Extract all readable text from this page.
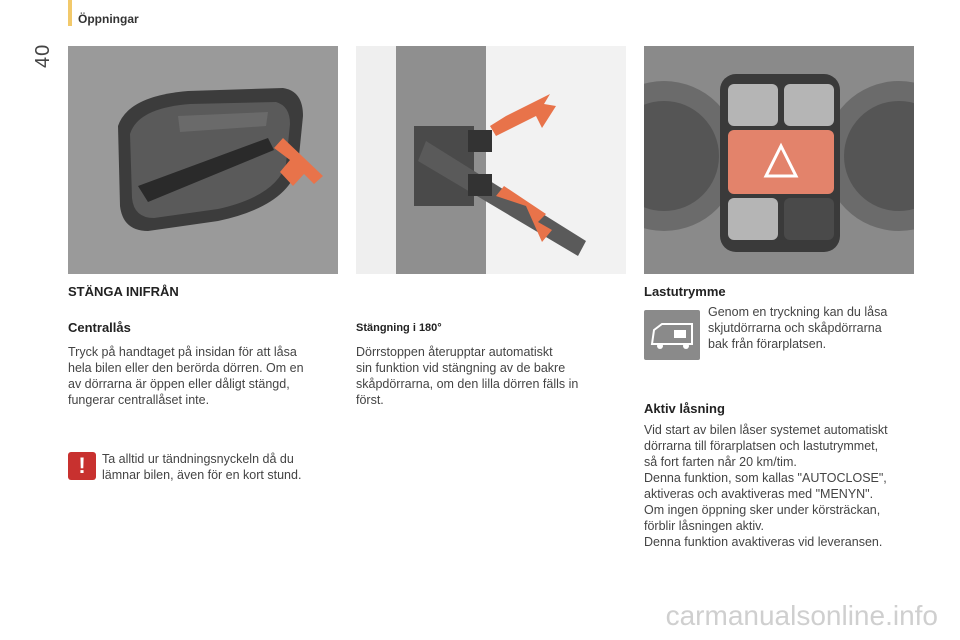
Öppningar
40
STÄNGA INIFRÅN
Centrallås

Tryck på handtaget på insidan för att låsa

hela bilen eller den berörda dörren. Om en

av dörrarna är öppen eller dåligt stängd,

fungerar centrallåset inte.

!	Ta alltid ur tändningsnyckeln då du

lämnar bilen, även för en kort stund.

Stängning i 180°

Dörrstoppen återupptar automatiskt

sin funktion vid stängning av de bakre

skåpdörrarna, om den lilla dörren fälls in

först.

Lastutrymme

Genom en tryckning kan du låsa

skjutdörrarna och skåpdörrarna

bak från förarplatsen.

Aktiv låsning

Vid start av bilen låser systemet automatiskt

dörrarna till förarplatsen och lastutrymmet,

så fort farten når 20 km/tim.

Denna funktion, som kallas "AUTOCLOSE",

aktiveras och avaktiveras med "MENYN".

Om ingen öppning sker under körsträckan,

förblir låsningen aktiv.

Denna funktion avaktiveras vid leveransen.

carmanualsonline.info
